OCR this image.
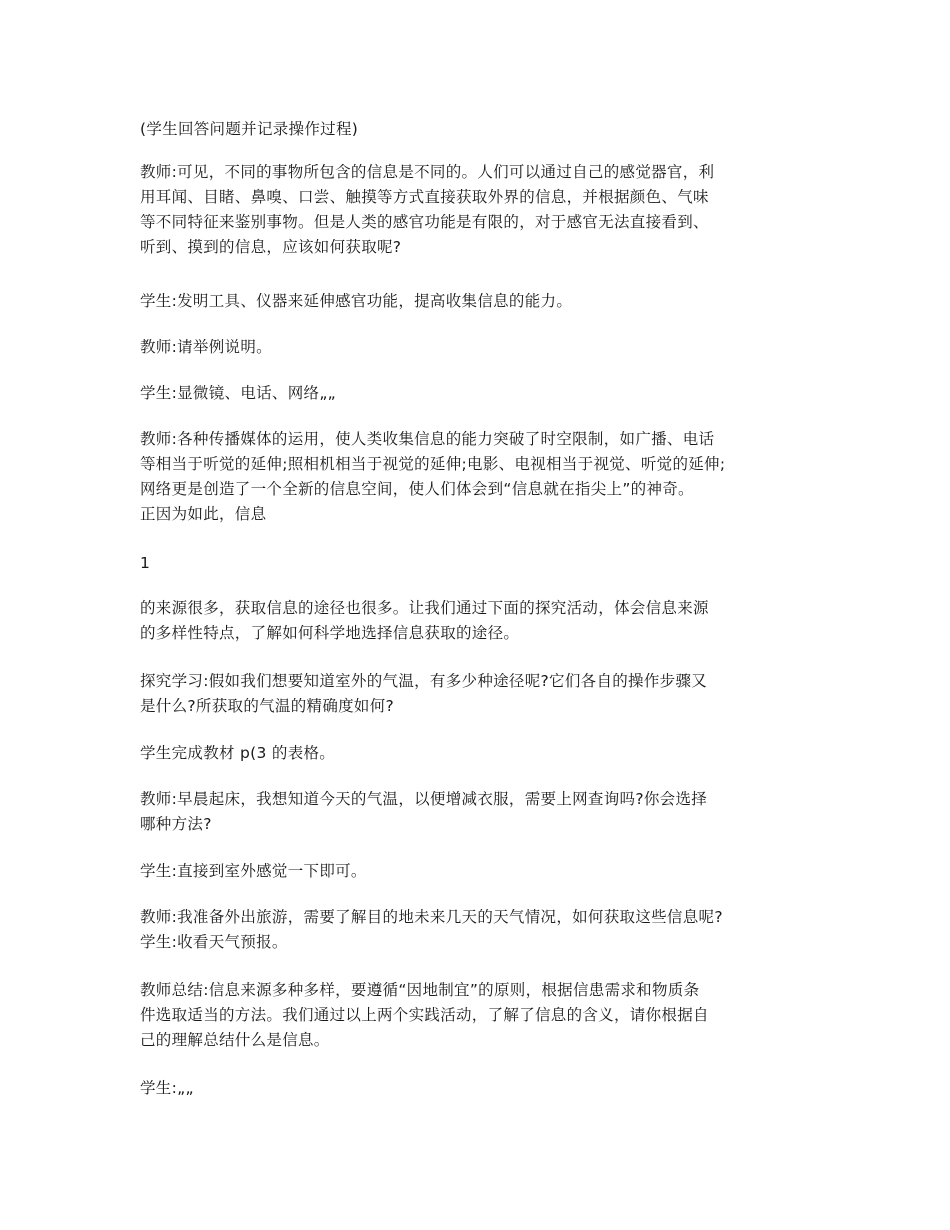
(学生回答问题并记录操作过程)

教师:可见，不同的事物所包含的信息是不同的。人们可以通过自己的感觉器官，利
用耳闻、目睹、鼻嗅、口尝、触摸等方式直接获取外界的信息，并根据颜色、气味
等不同特征来鉴别事物。但是人类的感官功能是有限的，对于感官无法直接看到、
听到、摸到的信息，应该如何获取呢?

学生:发明工具、仪器来延伸感官功能，提高收集信息的能力。

教师:请举例说明。

学生:显微镜、电话、网络„„

教师:各种传播媒体的运用，使人类收集信息的能力突破了时空限制，如广播、电话
等相当于听觉的延伸;照相机相当于视觉的延伸;电影、电视相当于视觉、听觉的延伸;
网络更是创造了一个全新的信息空间，使人们体会到“信息就在指尖上”的神奇。
正因为如此，信息

1

的来源很多，获取信息的途径也很多。让我们通过下面的探究活动，体会信息来源
的多样性特点，了解如何科学地选择信息获取的途径。

探究学习:假如我们想要知道室外的气温，有多少种途径呢?它们各自的操作步骤又
是什么?所获取的气温的精确度如何?

学生完成教材 p(3 的表格。

教师:早晨起床，我想知道今天的气温，以便增减衣服，需要上网查询吗?你会选择
哪种方法?

学生:直接到室外感觉一下即可。

教师:我准备外出旅游，需要了解目的地未来几天的天气情况，如何获取这些信息呢?
学生:收看天气预报。

教师总结:信息来源多种多样，要遵循“因地制宜”的原则，根据信患需求和物质条
件选取适当的方法。我们通过以上两个实践活动，了解了信息的含义，请你根据自
己的理解总结什么是信息。

学生:„„
